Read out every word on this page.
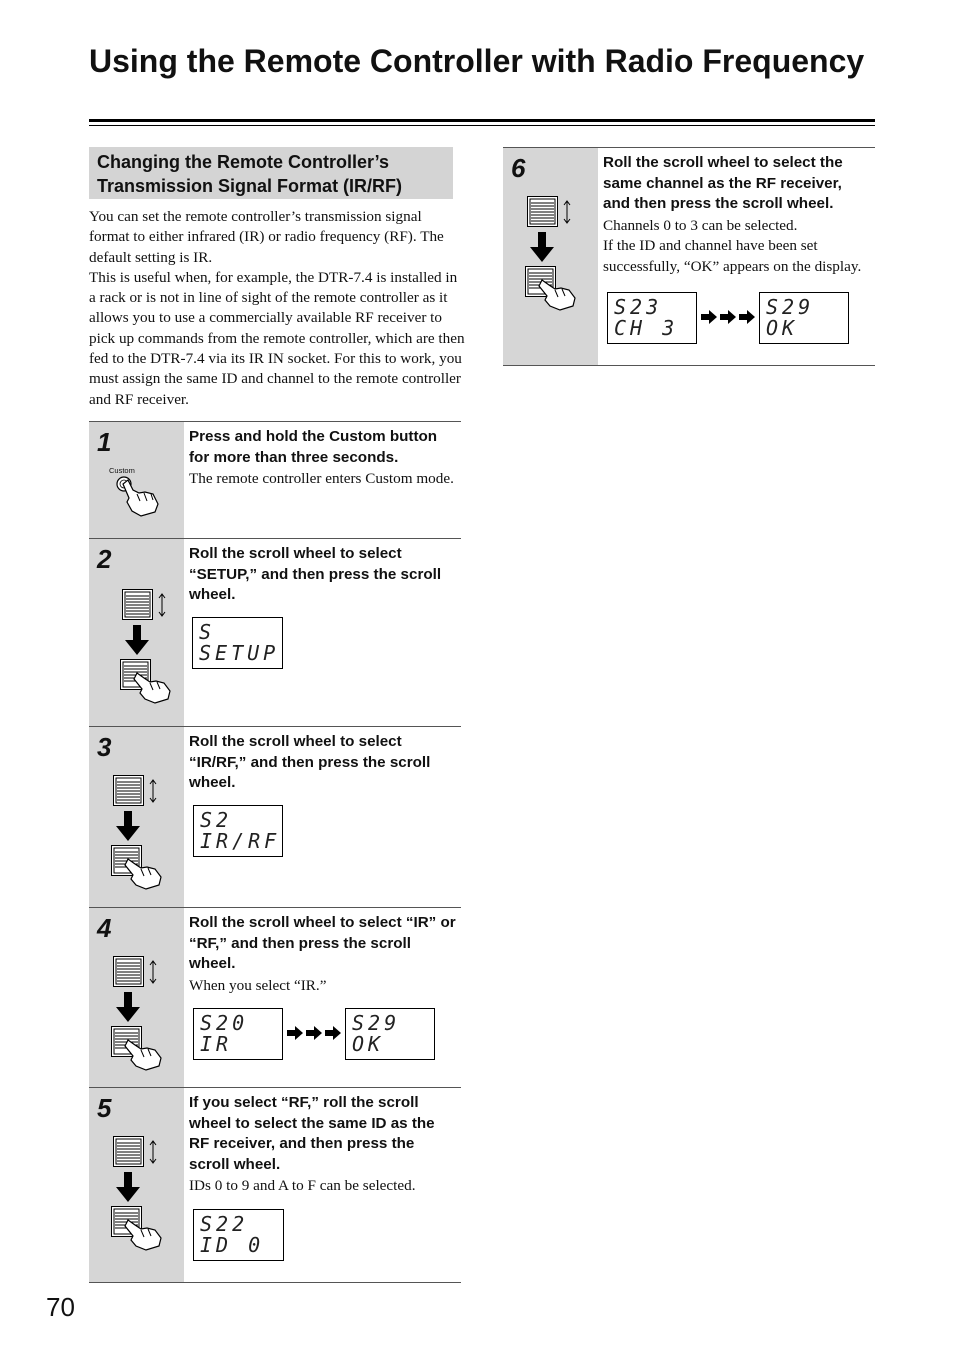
Using the Remote Controller with Radio Frequency
Changing the Remote Controller’s Transmission Signal Format (IR/RF)

You can set the remote controller’s transmission signal format to either infrared (IR) or radio frequency (RF). The default setting is IR.

This is useful when, for example, the DTR-7.4 is installed in a rack or is not in line of sight of the remote controller as it allows you to use a commercially available RF receiver to pick up commands from the remote controller, which are then fed to the DTR-7.4 via its IR IN socket. For this to work, you must assign the same ID and channel to the remote controller and RF receiver.

1
Custom

Press and hold the Custom button for more than three seconds.

The remote controller enters Custom mode.

2	Roll the scroll wheel to select “SETUP,” and then press the scroll wheel.

S
SETUP
3	Roll the scroll wheel to select “IR/RF,” and then press the scroll wheel.

S2
IR/RF
4	Roll the scroll wheel to select “IR” or “RF,” and then press the scroll wheel.

When you select “IR.”

S20
IR
S29
OK
5	If you select “RF,” roll the scroll wheel to select the same ID as the RF receiver, and then press the scroll wheel.

IDs 0 to 9 and A to F can be selected.

S22
ID 0
6	Roll the scroll wheel to select the same channel as the RF receiver, and then press the scroll wheel.

Channels 0 to 3 can be selected.

If the ID and channel have been set successfully, “OK” appears on the display.

S23
CH 3
S29
OK
70
